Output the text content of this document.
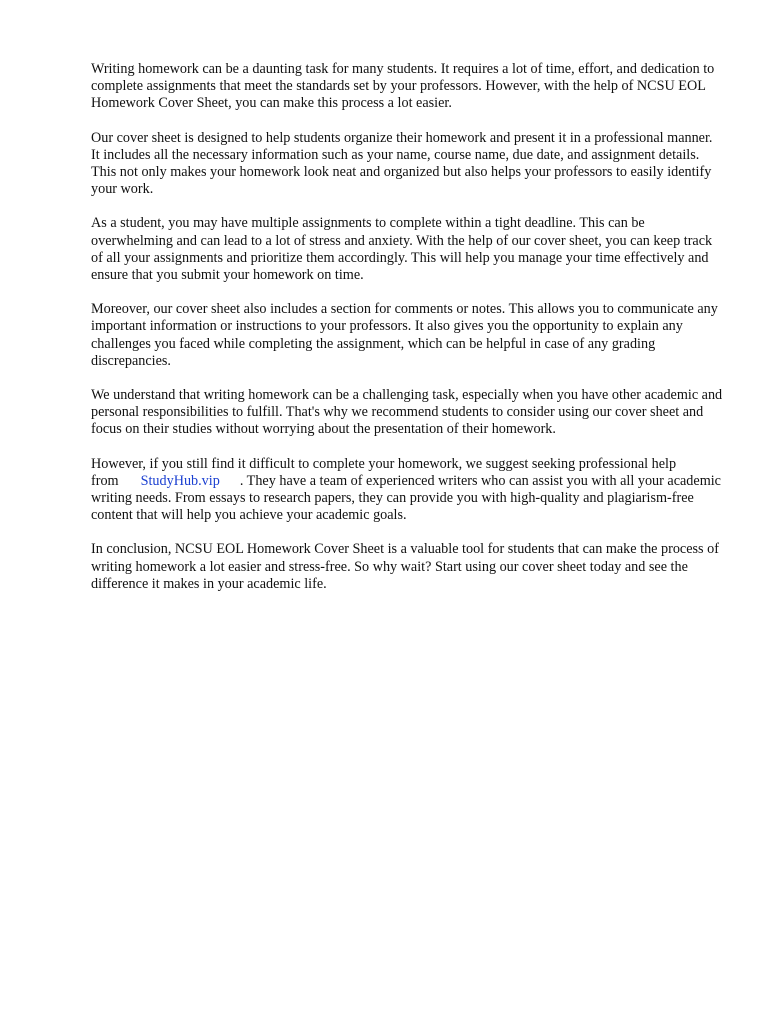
Writing homework can be a daunting task for many students. It requires a lot of time, effort, and dedication to complete assignments that meet the standards set by your professors. However, with the help of NCSU EOL Homework Cover Sheet, you can make this process a lot easier.

Our cover sheet is designed to help students organize their homework and present it in a professional manner. It includes all the necessary information such as your name, course name, due date, and assignment details. This not only makes your homework look neat and organized but also helps your professors to easily identify your work.

As a student, you may have multiple assignments to complete within a tight deadline. This can be overwhelming and can lead to a lot of stress and anxiety. With the help of our cover sheet, you can keep track of all your assignments and prioritize them accordingly. This will help you manage your time effectively and ensure that you submit your homework on time.

Moreover, our cover sheet also includes a section for comments or notes. This allows you to communicate any important information or instructions to your professors. It also gives you the opportunity to explain any challenges you faced while completing the assignment, which can be helpful in case of any grading discrepancies.

We understand that writing homework can be a challenging task, especially when you have other academic and personal responsibilities to fulfill. That's why we recommend students to consider using our cover sheet and focus on their studies without worrying about the presentation of their homework.

However, if you still find it difficult to complete your homework, we suggest seeking professional help from StudyHub.vip . They have a team of experienced writers who can assist you with all your academic writing needs. From essays to research papers, they can provide you with high-quality and plagiarism-free content that will help you achieve your academic goals.

In conclusion, NCSU EOL Homework Cover Sheet is a valuable tool for students that can make the process of writing homework a lot easier and stress-free. So why wait? Start using our cover sheet today and see the difference it makes in your academic life.
